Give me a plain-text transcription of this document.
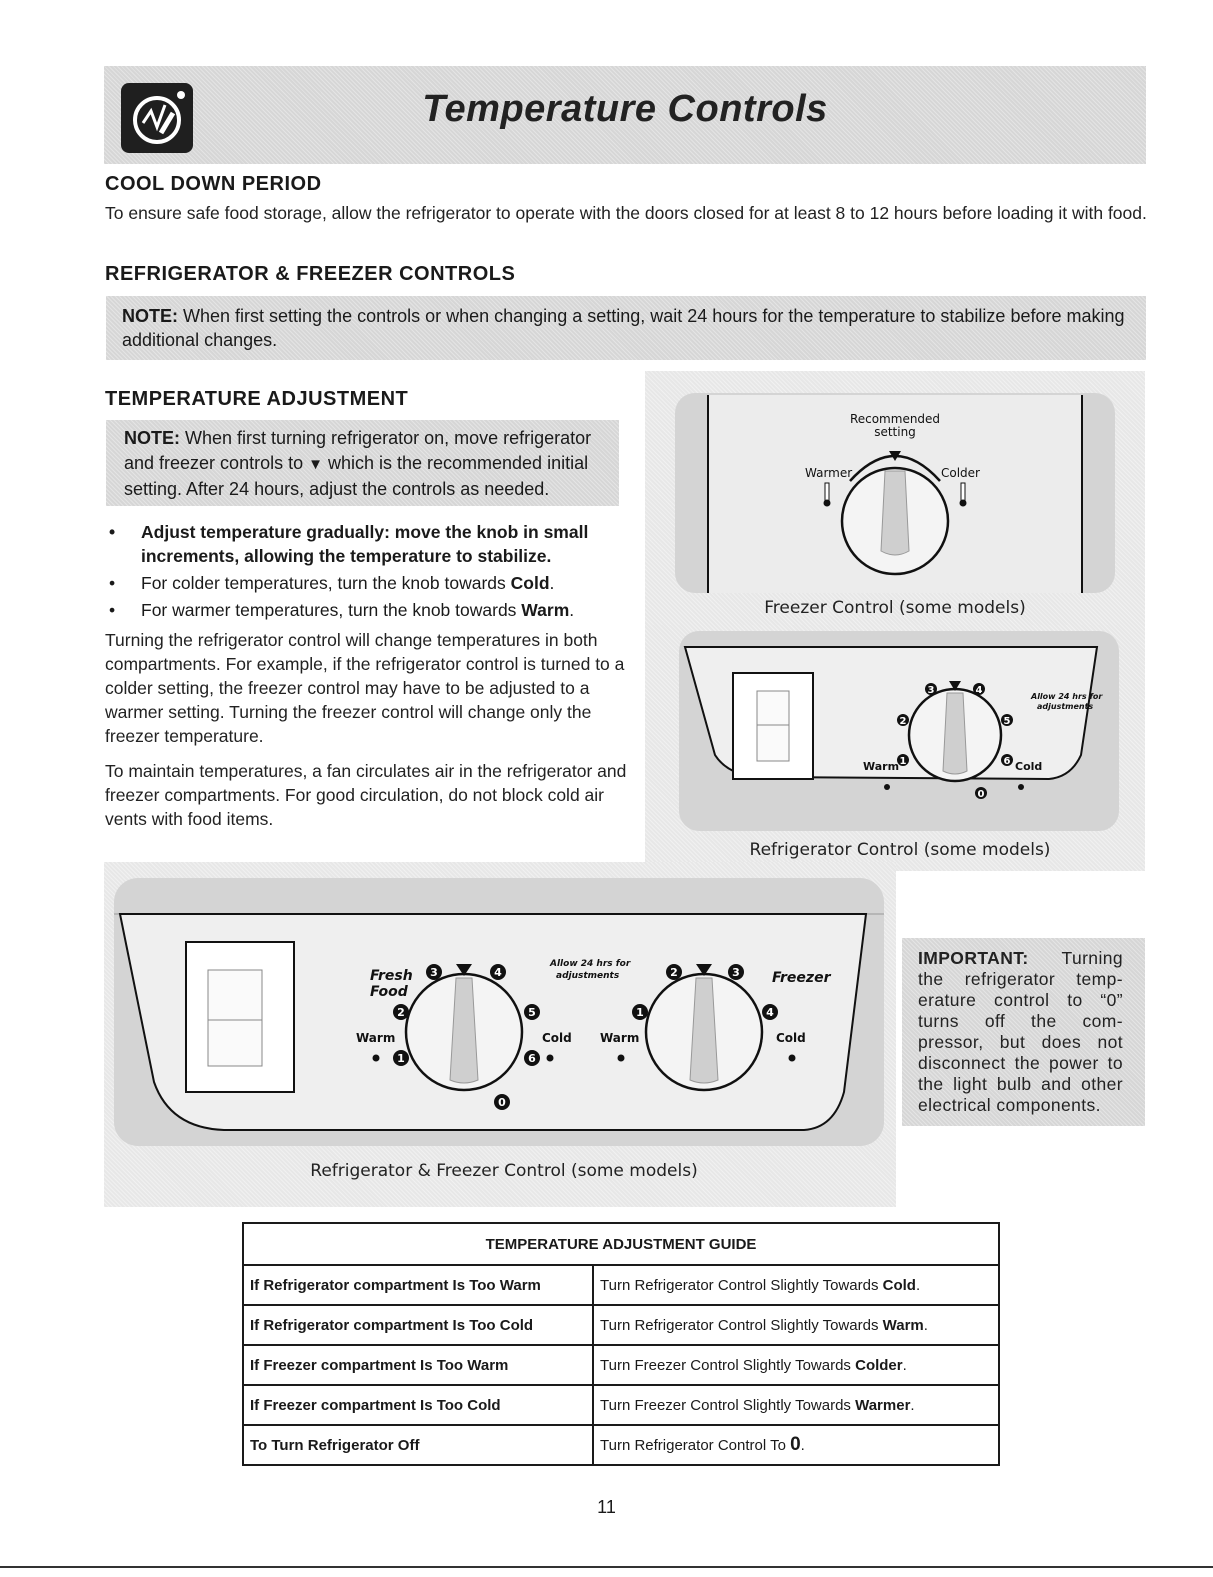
Temperature Controls
COOL DOWN PERIOD
To ensure safe food storage, allow the refrigerator to operate with the doors closed for at least 8 to 12 hours before loading it with food.
REFRIGERATOR & FREEZER CONTROLS
NOTE: When first setting the controls or when changing a setting, wait 24 hours for the temperature to stabilize before making additional changes.
TEMPERATURE ADJUSTMENT
NOTE: When first turning refrigerator on, move refrigerator and freezer controls to ▼ which is the recommended initial setting. After 24 hours, adjust the controls as needed.
• Adjust temperature gradually: move the knob in small increments, allowing the temperature to stabilize.
• For colder temperatures, turn the knob towards Cold.
• For warmer temperatures, turn the knob towards Warm.
Turning the refrigerator control will change temperatures in both compartments. For example, if the refrigerator control is turned to a colder setting, the freezer control may have to be adjusted to a warmer setting. Turning the freezer control will change only the freezer temperature.
To maintain temperatures, a fan circulates air in the refrigerator and freezer compartments. For good circulation, do not block cold air vents with food items.
Recommended
setting
Warmer	Colder
Freezer Control (some models)
3	4
2	5
1	6
0
Warm	Cold
Allow 24 hrs for
adjustments
Refrigerator Control (some models)
3	4
2	5
1	6
0
2	3
1	4
Fresh
Food
Freezer
Allow 24 hrs for
adjustments
Warm	Cold Warm	Cold
Refrigerator & Freezer Control (some models)
IMPORTANT: Turning the refrigerator temp-erature control to “0” turns off the com-pressor, but does not disconnect the power to the light bulb and other electrical components.
TEMPERATURE ADJUSTMENT GUIDE	
If Refrigerator compartment Is Too Warm	Turn Refrigerator Control Slightly Towards Cold.
If Refrigerator compartment Is Too Cold	Turn Refrigerator Control Slightly Towards Warm.
If Freezer compartment Is Too Warm	Turn Freezer Control Slightly Towards Colder.
If Freezer compartment Is Too Cold	Turn Freezer Control Slightly Towards Warmer.
To Turn Refrigerator Off	Turn Refrigerator Control To 0.
11
